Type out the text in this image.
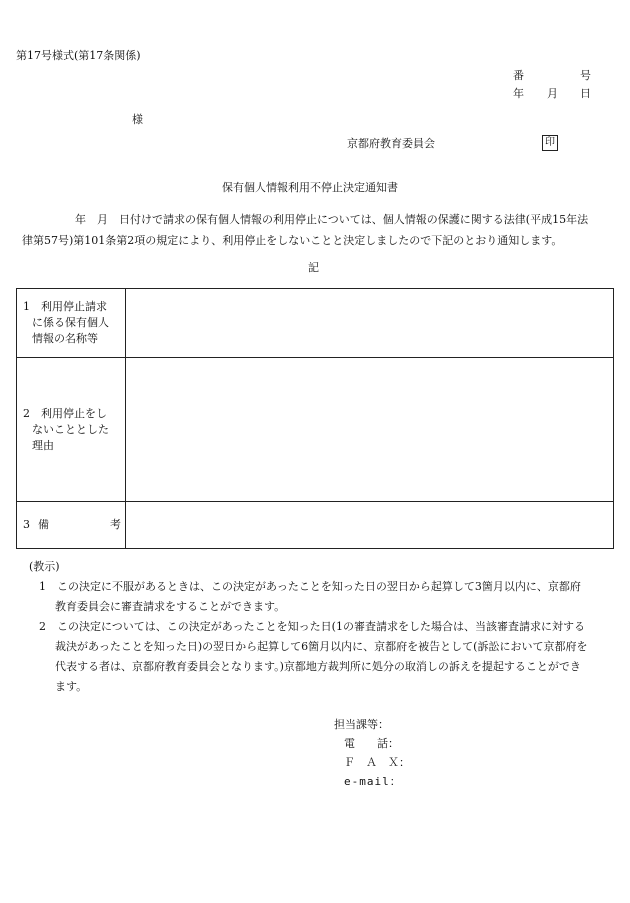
第17号様式(第17条関係)
番	号
年 月 日
様
京都府教育委員会	印
保有個人情報利用不停止決定通知書
年　月　日付けで請求の保有個人情報の利用停止については、個人情報の保護に関する法律(平成15年法
律第57号)第101条第2項の規定により、利用停止をしないことと決定しましたので下記のとおり通知します。
記
1　利用停止請求
に係る保有個人
情報の名称等	

2　利用停止をし
ないこととした
理由	

3 備 考	

(教示)
1　この決定に不服があるときは、この決定があったことを知った日の翌日から起算して3箇月以内に、京都府
教育委員会に審査請求をすることができます。
2　この決定については、この決定があったことを知った日(1の審査請求をした場合は、当該審査請求に対する
裁決があったことを知った日)の翌日から起算して6箇月以内に、京都府を被告として(訴訟において京都府を
代表する者は、京都府教育委員会となります。)京都地方裁判所に処分の取消しの訴えを提起することができ
ます。
担当課等：
電　　話：
Ｆ　Ａ　Ｘ：
e-mail：
